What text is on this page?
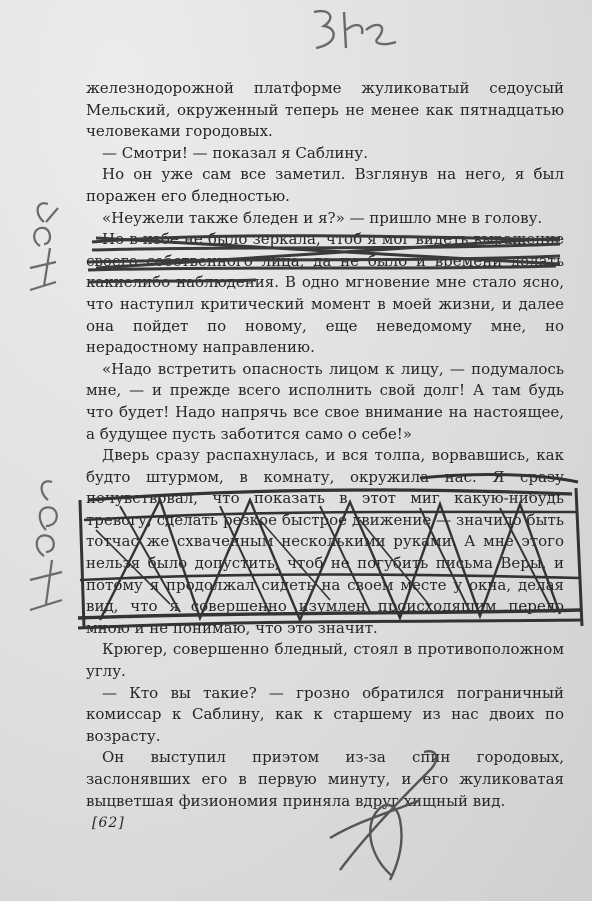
железнодорожной платформе жуликоватый седоусый Мельский, окруженный теперь не менее как пятнадцатью человеками городовых.

— Смотри! — показал я Саблину.

Но он уже сам все заметил. Взглянув на него, я был поражен его бледностью.

«Неужели также бледен и я?» — пришло мне в голову.

Но в избе не было зеркала, чтоб я мог видеть выражение своего собственного лица, да не было и времени делать какиелибо наблюдения. В одно мгновение мне стало ясно, что наступил критический момент в моей жизни, и далее она пойдет по новому, еще неведомому мне, но нерадостному направлению.

«Надо встретить опасность лицом к лицу, — подумалось мне, — и прежде всего исполнить свой долг! А там будь что будет! Надо напрячь все свое внимание на настоящее, а будущее пусть заботится само о себе!»

Дверь сразу распахнулась, и вся толпа, ворвавшись, как будто штурмом, в комнату, окружила нас. Я сразу почувствовал, что показать в этот миг какую-нибудь тревогу, сделать резкое быстрое движение — значило быть тотчас же схваченным несколькими руками. А мне этого нельзя было допустить, чтоб не погубить письма Веры, и потому я продолжал сидеть на своем месте у окна, делая вид, что я совершенно изумлен происходящим передо мною и не понимаю, что это значит.

Крюгер, совершенно бледный, стоял в противоположном углу.

— Кто вы такие? — грозно обратился пограничный комиссар к Саблину, как к старшему из нас двоих по возрасту.

Он выступил приэтом из-за спин городовых, заслонявших его в первую минуту, и его жуликоватая выцветшая физиономия приняла вдруг хищный вид.

[62]
